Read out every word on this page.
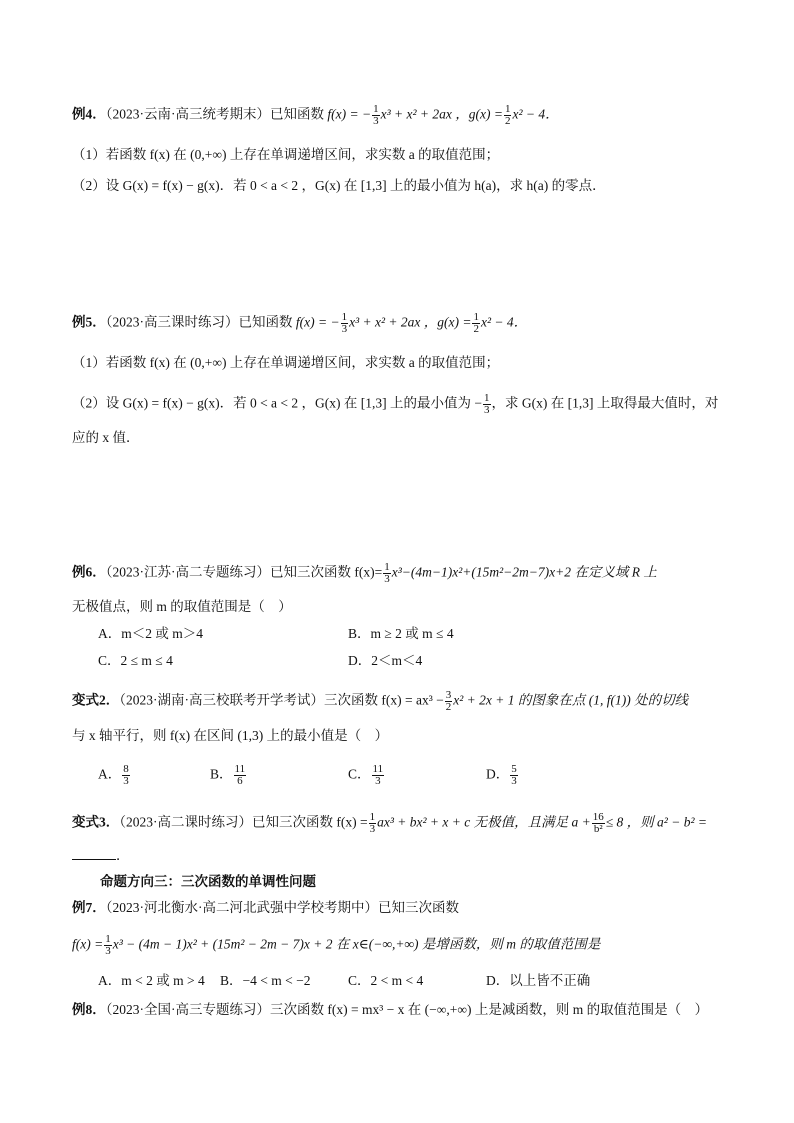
例4．（2023·云南·高三统考期末）已知函数 f(x) = − $\frac{1}{3} x^3 + x^2 + 2ax$ ，$g(x) = \frac{1}{2} x^2 - 4$．
（1）若函数 f(x) 在 (0,+∞) 上存在单调递增区间，求实数 a 的取值范围；
（2）设 G(x) = f(x) − g(x)．若 0 < a < 2 ，G(x) 在 [1,3] 上的最小值为 h(a)，求 h(a) 的零点．
例5．（2023·高三课时练习）已知函数 f(x) = − $\frac{1}{3} x^3 + x^2 + 2ax$ ，$g(x) = \frac{1}{2} x^2 - 4$．
（1）若函数 f(x) 在 (0,+∞) 上存在单调递增区间，求实数 a 的取值范围；
（2）设 G(x) = f(x) − g(x)．若 0 < a < 2 ，G(x) 在 [1,3] 上的最小值为 − $\frac{1}{3}$ ，求 G(x) 在 [1,3] 上取得最大值时，对
应的 x 值．
例6．（2023·江苏·高二专题练习）已知三次函数 $f(x)= \frac{1}{3} x^3-(4m-1)x^2+(15m^2-2m-7)x+2$ 在定义域 R 上
无极值点，则 m 的取值范围是（　）
A．m＜2 或 m＞4	B．m ≥ 2 或 m ≤ 4
C．2 ≤ m ≤ 4	D．2＜m＜4
变式2．（2023·湖南·高三校联考开学考试）三次函数 $f(x) = ax^3 - \frac{3}{2} x^2 + 2x + 1$ 的图象在点 (1, f(1)) 处的切线
与 x 轴平行，则 f(x) 在区间 (1,3) 上的最小值是（　）
A． $\frac{8}{3}$	B． $\frac{11}{6}$	C． $\frac{11}{3}$	D． $\frac{5}{3}$
变式3．（2023·高二课时练习）已知三次函数 $f(x) = \frac{1}{3} ax^3 + bx^2 + x + c$ 无极值，且满足 $a + \frac{16}{\text{b²}} \le 8$ ，则 a² − b² =
．
命题方向三：三次函数的单调性问题
例7．（2023·河北衡水·高二河北武强中学校考期中）已知三次函数
$f(x) = \frac{1}{3} x^3 - (4m - 1)x^2 + (15m^2 - 2m - 7)x + 2$ 在 x∈(−∞,+∞) 是增函数，则 m 的取值范围是
A．m < 2 或 m > 4 B．−4 < m < −2	C．2 < m < 4	D．以上皆不正确
例8．（2023·全国·高三专题练习）三次函数 f(x) = mx³ − x 在 (−∞,+∞) 上是减函数，则 m 的取值范围是（　）
